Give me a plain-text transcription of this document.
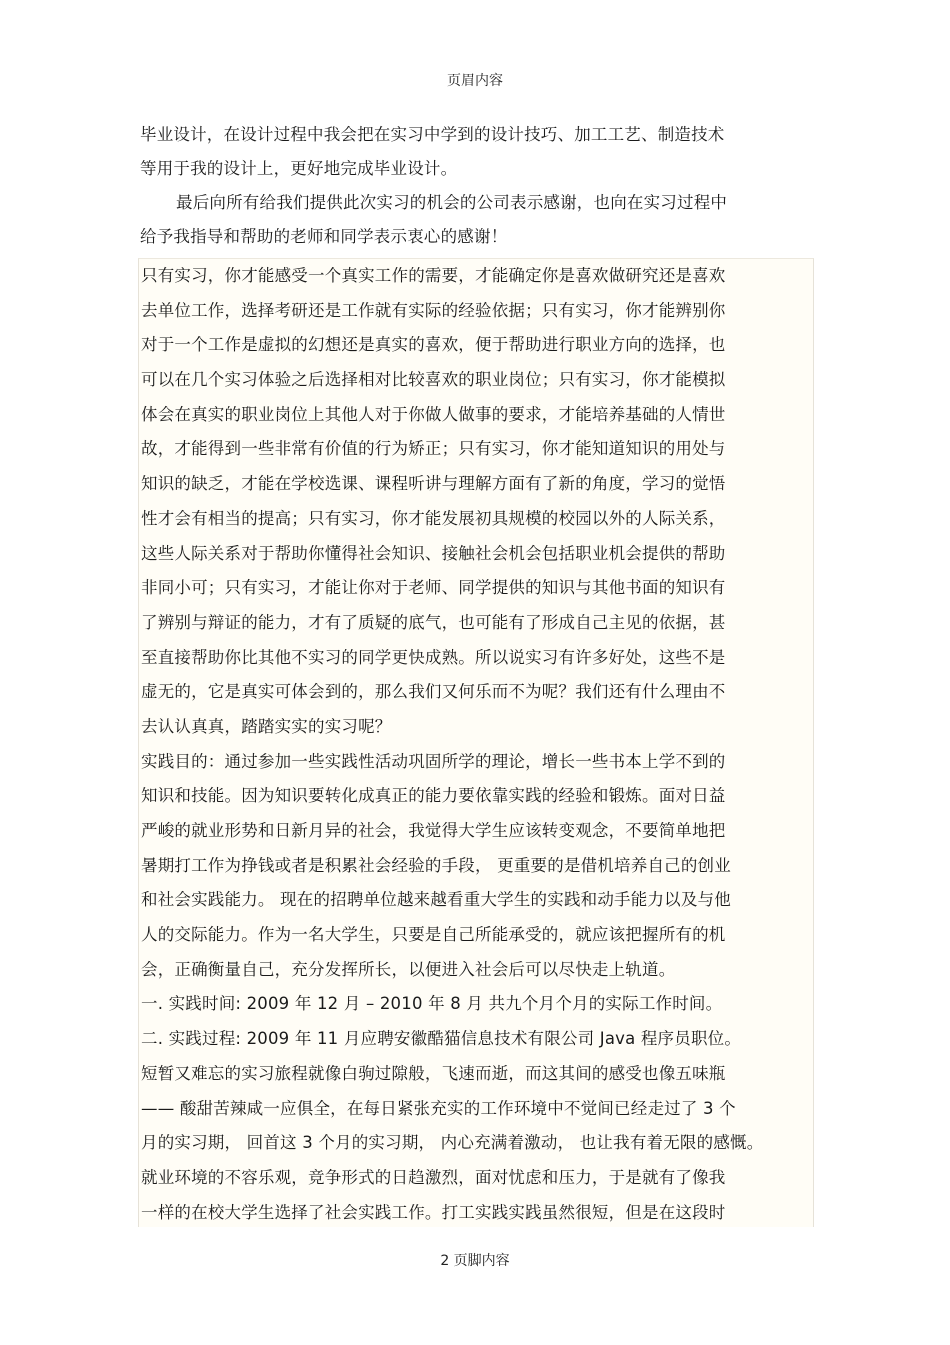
页眉内容
毕业设计，在设计过程中我会把在实习中学到的设计技巧、加工工艺、制造技术
等用于我的设计上，更好地完成毕业设计。
最后向所有给我们提供此次实习的机会的公司表示感谢，也向在实习过程中
给予我指导和帮助的老师和同学表示衷心的感谢！
只有实习，你才能感受一个真实工作的需要，才能确定你是喜欢做研究还是喜欢
去单位工作，选择考研还是工作就有实际的经验依据；只有实习，你才能辨别你
对于一个工作是虚拟的幻想还是真实的喜欢，便于帮助进行职业方向的选择，也
可以在几个实习体验之后选择相对比较喜欢的职业岗位；只有实习，你才能模拟
体会在真实的职业岗位上其他人对于你做人做事的要求，才能培养基础的人情世
故，才能得到一些非常有价值的行为矫正；只有实习，你才能知道知识的用处与
知识的缺乏，才能在学校选课、课程听讲与理解方面有了新的角度，学习的觉悟
性才会有相当的提高；只有实习，你才能发展初具规模的校园以外的人际关系，
这些人际关系对于帮助你懂得社会知识、接触社会机会包括职业机会提供的帮助
非同小可；只有实习，才能让你对于老师、同学提供的知识与其他书面的知识有
了辨别与辩证的能力，才有了质疑的底气，也可能有了形成自己主见的依据，甚
至直接帮助你比其他不实习的同学更快成熟。所以说实习有许多好处，这些不是
虚无的，它是真实可体会到的，那么我们又何乐而不为呢？我们还有什么理由不
去认认真真，踏踏实实的实习呢？
实践目的：通过参加一些实践性活动巩固所学的理论，增长一些书本上学不到的
知识和技能。因为知识要转化成真正的能力要依靠实践的经验和锻炼。面对日益
严峻的就业形势和日新月异的社会，我觉得大学生应该转变观念，不要简单地把
暑期打工作为挣钱或者是积累社会经验的手段， 更重要的是借机培养自己的创业
和社会实践能力。 现在的招聘单位越来越看重大学生的实践和动手能力以及与他
人的交际能力。作为一名大学生，只要是自己所能承受的，就应该把握所有的机
会，正确衡量自己，充分发挥所长，以便进入社会后可以尽快走上轨道。
一. 实践时间: 2009 年 12 月 – 2010 年 8 月 共九个月个月的实际工作时间。
二. 实践过程: 2009 年 11 月应聘安徽酷猫信息技术有限公司 Java 程序员职位。
短暂又难忘的实习旅程就像白驹过隙般，飞速而逝，而这其间的感受也像五味瓶
—— 酸甜苦辣咸一应俱全，在每日紧张充实的工作环境中不觉间已经走过了 3 个
月的实习期， 回首这 3 个月的实习期， 内心充满着激动， 也让我有着无限的感慨。
就业环境的不容乐观，竞争形式的日趋激烈，面对忧虑和压力，于是就有了像我
一样的在校大学生选择了社会实践工作。打工实践实践虽然很短，但是在这段时
2 页脚内容
